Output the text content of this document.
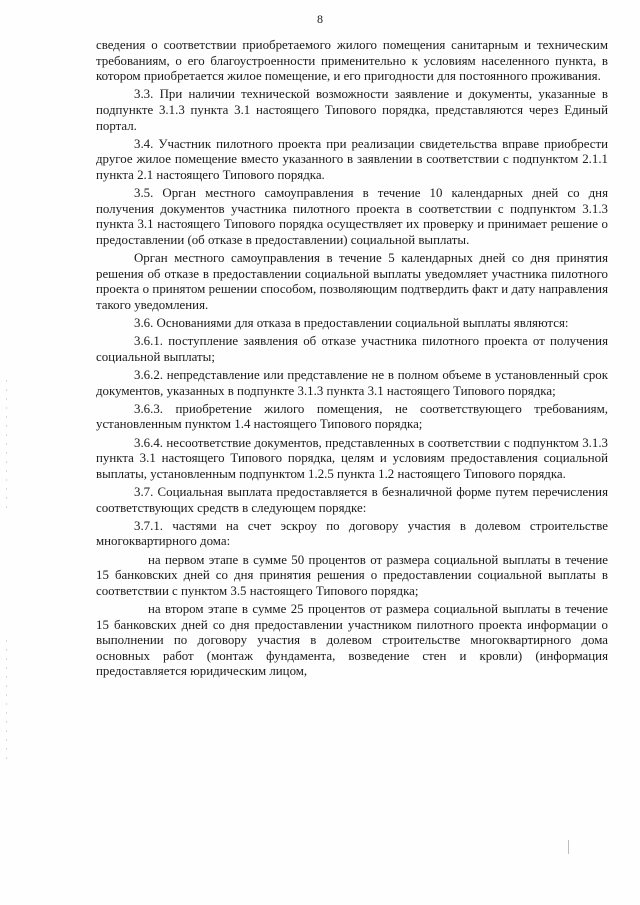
8

сведения о соответствии приобретаемого жилого помещения санитарным и техническим требованиям, о его благоустроенности применительно к условиям населенного пункта, в котором приобретается жилое помещение, и его пригодности для постоянного проживания.

3.3. При наличии технической возможности заявление и документы, указанные в подпункте 3.1.3 пункта 3.1 настоящего Типового порядка, представляются через Единый портал.

3.4. Участник пилотного проекта при реализации свидетельства вправе приобрести другое жилое помещение вместо указанного в заявлении в соответствии с подпунктом 2.1.1 пункта 2.1 настоящего Типового порядка.

3.5. Орган местного самоуправления в течение 10 календарных дней со дня получения документов участника пилотного проекта в соответствии с подпунктом 3.1.3 пункта 3.1 настоящего Типового порядка осуществляет их проверку и принимает решение о предоставлении (об отказе в предоставлении) социальной выплаты.

Орган местного самоуправления в течение 5 календарных дней со дня принятия решения об отказе в предоставлении социальной выплаты уведомляет участника пилотного проекта о принятом решении способом, позволяющим подтвердить факт и дату направления такого уведомления.

3.6. Основаниями для отказа в предоставлении социальной выплаты являются:

3.6.1. поступление заявления об отказе участника пилотного проекта от получения социальной выплаты;

3.6.2. непредставление или представление не в полном объеме в установленный срок документов, указанных в подпункте 3.1.3 пункта 3.1 настоящего Типового порядка;

3.6.3. приобретение жилого помещения, не соответствующего требованиям, установленным пунктом 1.4 настоящего Типового порядка;

3.6.4. несоответствие документов, представленных в соответствии с подпунктом 3.1.3 пункта 3.1 настоящего Типового порядка, целям и условиям предоставления социальной выплаты, установленным подпунктом 1.2.5 пункта 1.2 настоящего Типового порядка.

3.7. Социальная выплата предоставляется в безналичной форме путем перечисления соответствующих средств в следующем порядке:

3.7.1. частями на счет эскроу по договору участия в долевом строительстве многоквартирного дома:

на первом этапе в сумме 50 процентов от размера социальной выплаты в течение 15 банковских дней со дня принятия решения о предоставлении социальной выплаты в соответствии с пунктом 3.5 настоящего Типового порядка;

на втором этапе в сумме 25 процентов от размера социальной выплаты в течение 15 банковских дней со дня предоставлении участником пилотного проекта информации о выполнении по договору участия в долевом строительстве многоквартирного дома основных работ (монтаж фундамента, возведение стен и кровли) (информация предоставляется юридическим лицом,
